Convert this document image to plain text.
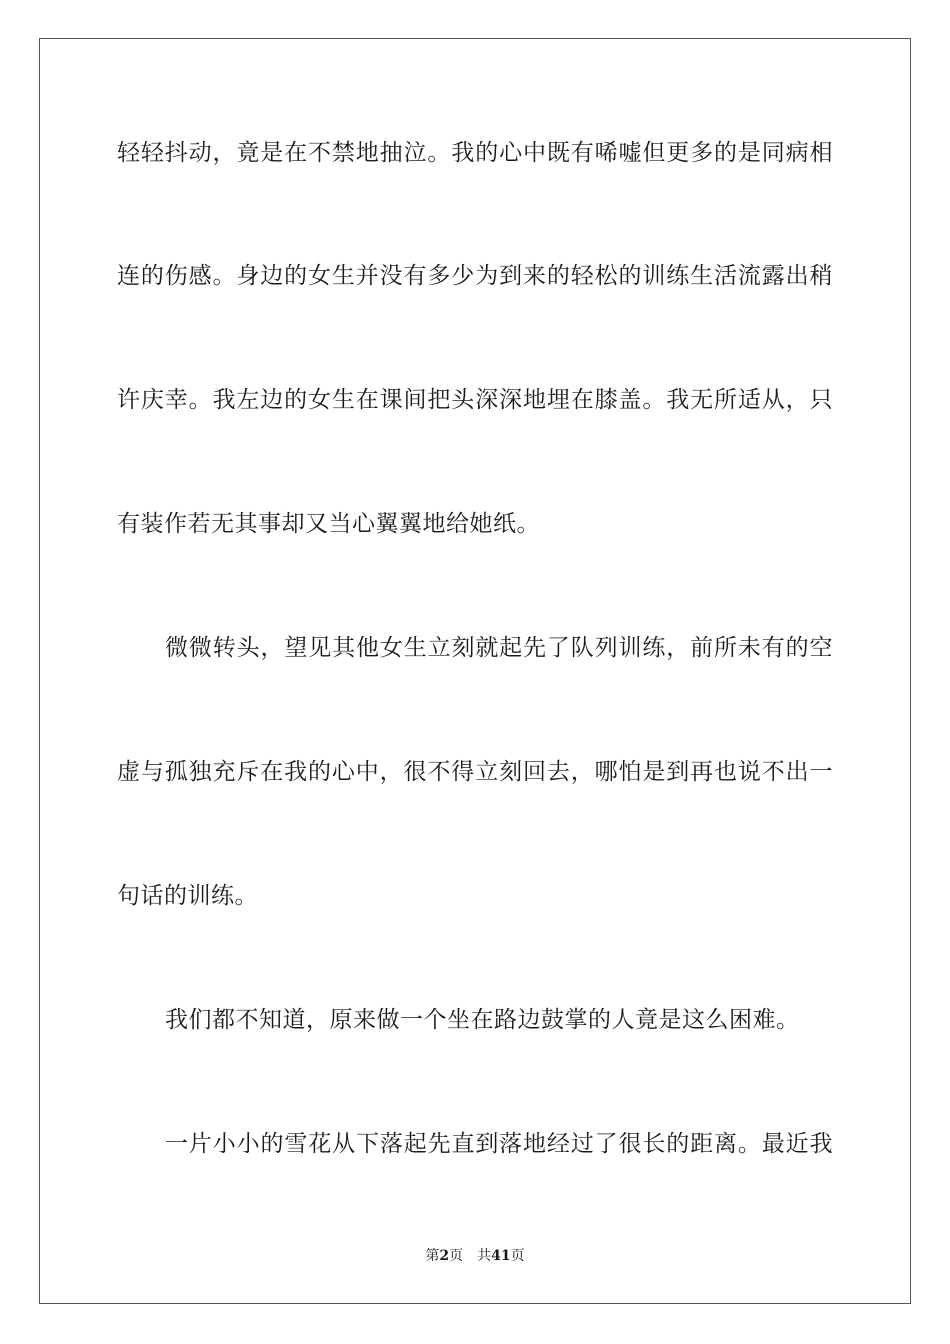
轻轻抖动，竟是在不禁地抽泣。我的心中既有唏嘘但更多的是同病相
连的伤感。身边的女生并没有多少为到来的轻松的训练生活流露出稍
许庆幸。我左边的女生在课间把头深深地埋在膝盖。我无所适从，只
有装作若无其事却又当心翼翼地给她纸。
微微转头，望见其他女生立刻就起先了队列训练，前所未有的空
虚与孤独充斥在我的心中，很不得立刻回去，哪怕是到再也说不出一
句话的训练。
我们都不知道，原来做一个坐在路边鼓掌的人竟是这么困难。
一片小小的雪花从下落起先直到落地经过了很长的距离。最近我
第2页 共41页
